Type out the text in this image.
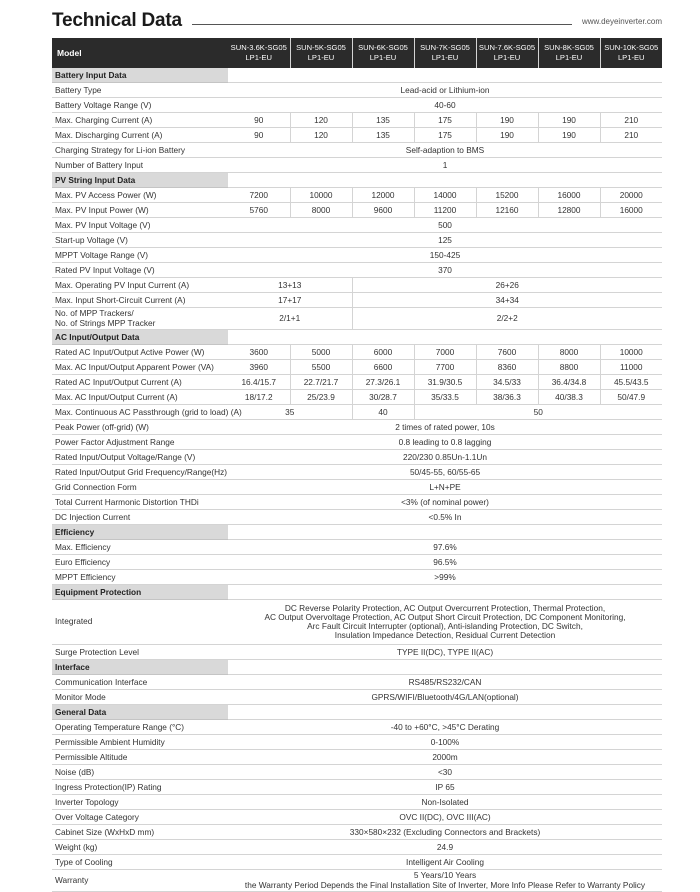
Technical Data	www.deyeinverter.com
Model	SUN-3.6K-SG05 LP1-EU	SUN-5K-SG05 LP1-EU	SUN-6K-SG05 LP1-EU	SUN-7K-SG05 LP1-EU	SUN-7.6K-SG05 LP1-EU	SUN-8K-SG05 LP1-EU	SUN-10K-SG05 LP1-EU
Battery Input Data							
Battery Type	Lead-acid or Lithium-ion						
Battery Voltage Range (V)	40-60						
Max. Charging Current (A)	90	120	135	175	190	190	210
Max. Discharging Current (A)	90	120	135	175	190	190	210
Charging Strategy for Li-ion Battery	Self-adaption to BMS						
Number of Battery Input	1						
PV String Input Data							
Max. PV Access Power (W)	7200	10000	12000	14000	15200	16000	20000
Max. PV Input Power (W)	5760	8000	9600	11200	12160	12800	16000
Max. PV Input Voltage (V)	500						
Start-up Voltage (V)	125						
MPPT Voltage Range (V)	150-425						
Rated PV Input Voltage (V)	370						
Max. Operating PV Input Current (A)	13+13		26+26				
Max. Input Short-Circuit Current (A)	17+17		34+34				
No. of MPP Trackers/
No. of Strings MPP Tracker	2/1+1		2/2+2				
AC Input/Output Data							
Rated AC Input/Output Active Power (W)	3600	5000	6000	7000	7600	8000	10000
Max. AC Input/Output Apparent Power (VA)	3960	5500	6600	7700	8360	8800	11000
Rated AC Input/Output Current (A)	16.4/15.7	22.7/21.7	27.3/26.1	31.9/30.5	34.5/33	36.4/34.8	45.5/43.5
Max. AC Input/Output Current (A)	18/17.2	25/23.9	30/28.7	35/33.5	38/36.3	40/38.3	50/47.9
Max. Continuous AC Passthrough (grid to load) (A)	35		40	50			
Peak Power (off-grid) (W)	2 times of rated power, 10s						
Power Factor Adjustment Range	0.8 leading to 0.8 lagging						
Rated Input/Output Voltage/Range (V)	220/230 0.85Un-1.1Un						
Rated Input/Output Grid Frequency/Range(Hz)	50/45-55, 60/55-65						
Grid Connection Form	L+N+PE						
Total Current Harmonic Distortion THDi	<3% (of nominal power)						
DC Injection Current	<0.5% In						
Efficiency							
Max. Efficiency	97.6%						
Euro Efficiency	96.5%						
MPPT Efficiency	>99%						
Equipment Protection							
Integrated	DC Reverse Polarity Protection, AC Output Overcurrent Protection, Thermal Protection,
AC Output Overvoltage Protection, AC Output Short Circuit Protection, DC Component Monitoring,
Arc Fault Circuit Interrupter (optional), Anti-islanding Protection, DC Switch,
Insulation Impedance Detection, Residual Current Detection						
Surge Protection Level	TYPE II(DC), TYPE II(AC)						
Interface							
Communication Interface	RS485/RS232/CAN						
Monitor Mode	GPRS/WIFI/Bluetooth/4G/LAN(optional)						
General Data							
Operating Temperature Range (°C)	-40 to +60°C, >45°C Derating						
Permissible Ambient Humidity	0-100%						
Permissible Altitude	2000m						
Noise (dB)	<30						
Ingress Protection(IP) Rating	IP 65						
Inverter Topology	Non-Isolated						
Over Voltage Category	OVC II(DC), OVC III(AC)						
Cabinet Size (WxHxD mm)	330×580×232 (Excluding Connectors and Brackets)						
Weight (kg)	24.9						
Type of Cooling	Intelligent Air Cooling						
Warranty	5 Years/10 Years
the Warranty Period Depends the Final Installation Site of Inverter, More Info Please Refer to Warranty Policy						
